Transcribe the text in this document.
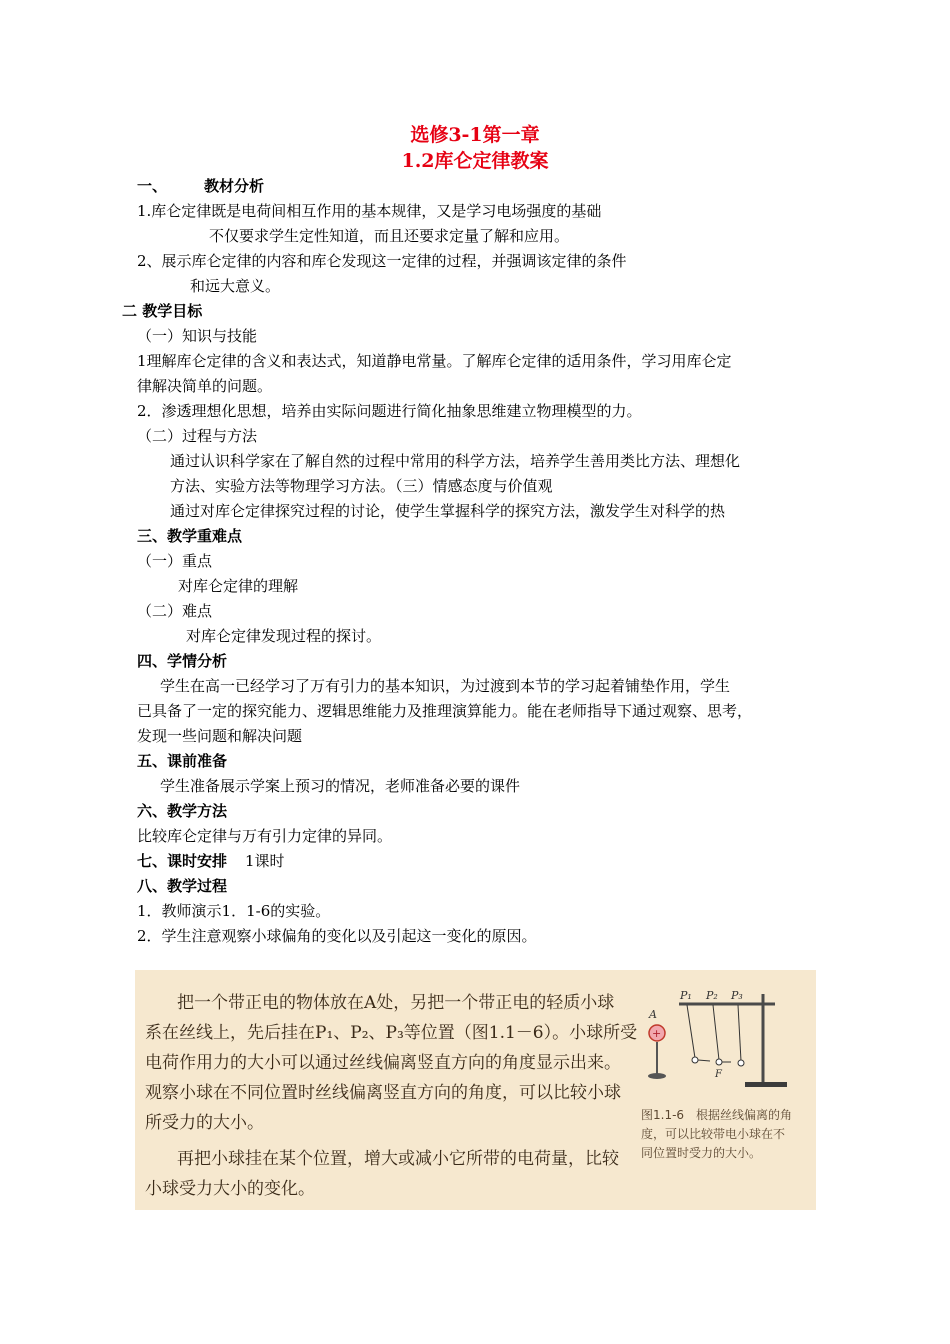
选修3-1第一章
1.2库仑定律教案
一、 教材分析
1.库仑定律既是电荷间相互作用的基本规律，又是学习电场强度的基础
不仅要求学生定性知道，而且还要求定量了解和应用。
2、展示库仑定律的内容和库仑发现这一定律的过程，并强调该定律的条件
和远大意义。
二 教学目标
（一）知识与技能
1理解库仑定律的含义和表达式，知道静电常量。了解库仑定律的适用条件，学习用库仑定
律解决简单的问题。
2．渗透理想化思想，培养由实际问题进行简化抽象思维建立物理模型的力。
（二）过程与方法
通过认识科学家在了解自然的过程中常用的科学方法，培养学生善用类比方法、理想化
方法、实验方法等物理学习方法。（三）情感态度与价值观
通过对库仑定律探究过程的讨论，使学生掌握科学的探究方法，激发学生对科学的热
三、教学重难点
（一）重点
对库仑定律的理解
（二）难点
对库仑定律发现过程的探讨。
四、学情分析
学生在高一已经学习了万有引力的基本知识，为过渡到本节的学习起着铺垫作用，学生
已具备了一定的探究能力、逻辑思维能力及推理演算能力。能在老师指导下通过观察、思考，
发现一些问题和解决问题
五、课前准备
学生准备展示学案上预习的情况，老师准备必要的课件
六、教学方法
比较库仑定律与万有引力定律的异同。
七、课时安排 1课时
八、教学过程
1．教师演示1．1-6的实验。
2．学生注意观察小球偏角的变化以及引起这一变化的原因。
把一个带正电的物体放在A处，另把一个带正电的轻质小球
系在丝线上，先后挂在P₁、P₂、P₃等位置（图1.1－6）。小球所受
电荷作用力的大小可以通过丝线偏离竖直方向的角度显示出来。
观察小球在不同位置时丝线偏离竖直方向的角度，可以比较小球
所受力的大小。
再把小球挂在某个位置，增大或减小它所带的电荷量，比较
小球受力大小的变化。
+
A
P₁ P₂ P₃
F
图1.1-6　根据丝线偏离的角
度，可以比较带电小球在不
同位置时受力的大小。
